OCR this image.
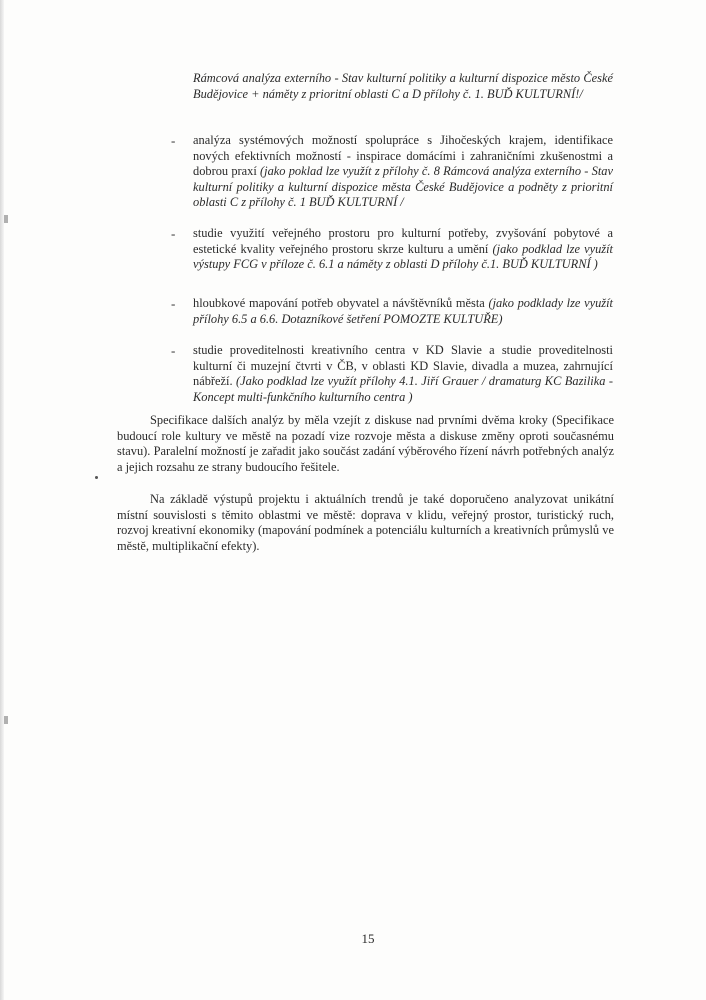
Rámcová analýza externího - Stav kulturní politiky a kulturní dispozice město České Budějovice + náměty z prioritní oblasti C a D přílohy č. 1. BUĎ KULTURNÍ!/
- analýza systémových možností spolupráce s Jihočeských krajem, identifikace nových efektivních možností - inspirace domácími i zahraničními zkušenostmi a dobrou praxí (jako poklad lze využít z přílohy č. 8 Rámcová analýza externího - Stav kulturní politiky a kulturní dispozice města České Budějovice a podněty z prioritní oblasti C z přílohy č. 1 BUĎ KULTURNÍ /
- studie využití veřejného prostoru pro kulturní potřeby, zvyšování pobytové a estetické kvality veřejného prostoru skrze kulturu a umění (jako podklad lze využít výstupy FCG v příloze č. 6.1 a náměty z oblasti D přílohy č.1. BUĎ KULTURNÍ )
- hloubkové mapování potřeb obyvatel a návštěvníků města (jako podklady lze využít přílohy 6.5 a 6.6. Dotazníkové šetření POMOZTE KULTUŘE)
- studie proveditelnosti kreativního centra v KD Slavie a studie proveditelnosti kulturní či muzejní čtvrti v ČB, v oblasti KD Slavie, divadla a muzea, zahrnující nábřeží. (Jako podklad lze využít přílohy 4.1. Jiří Grauer / dramaturg KC Bazilika - Koncept multi-funkčního kulturního centra )
Specifikace dalších analýz by měla vzejít z diskuse nad prvními dvěma kroky (Specifikace budoucí role kultury ve městě na pozadí vize rozvoje města a diskuse změny oproti současnému stavu). Paralelní možností je zařadit jako součást zadání výběrového řízení návrh potřebných analýz a jejich rozsahu ze strany budoucího řešitele.
Na základě výstupů projektu i aktuálních trendů je také doporučeno analyzovat unikátní místní souvislosti s těmito oblastmi ve městě: doprava v klidu, veřejný prostor, turistický ruch, rozvoj kreativní ekonomiky (mapování podmínek a potenciálu kulturních a kreativních průmyslů ve městě, multiplikační efekty).
15
